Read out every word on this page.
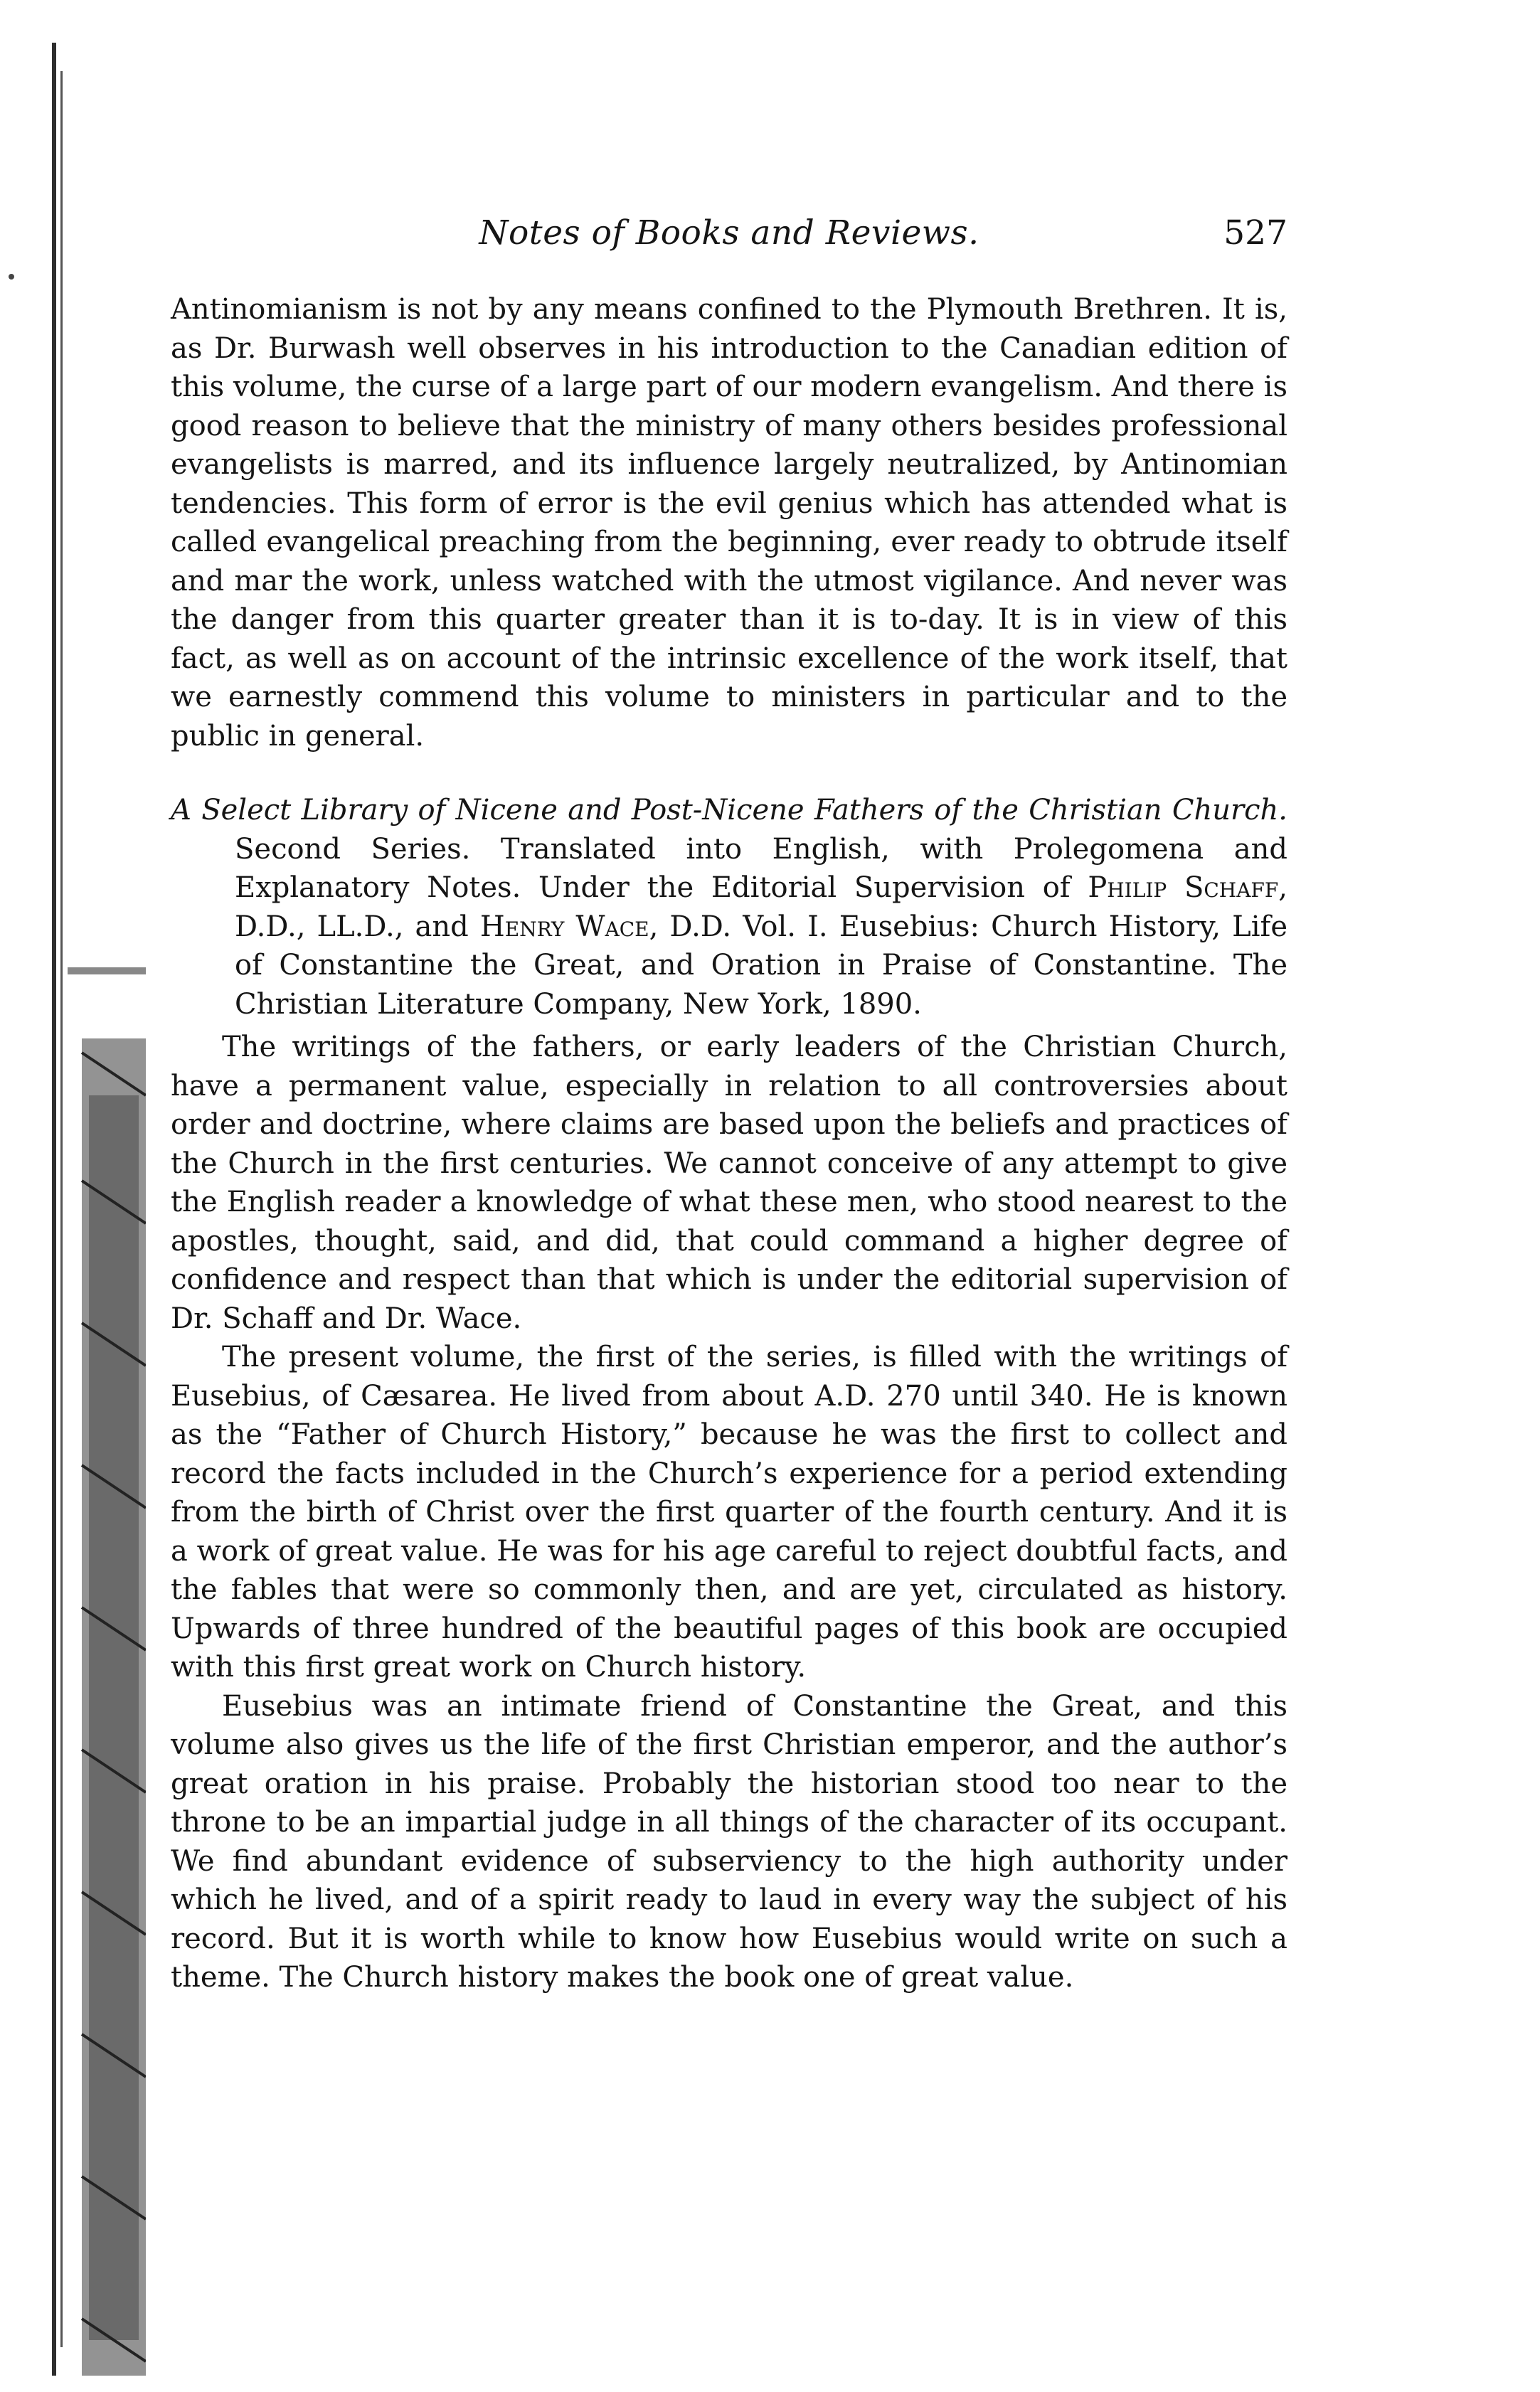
Notes of Books and Reviews.	527

Antinomianism is not by any means confined to the Plymouth Brethren. It is, as Dr. Burwash well observes in his introduction to the Canadian edition of this volume, the curse of a large part of our modern evangelism. And there is good reason to believe that the ministry of many others besides professional evangelists is marred, and its influence largely neutralized, by Antinomian tendencies. This form of error is the evil genius which has attended what is called evangelical preaching from the beginning, ever ready to obtrude itself and mar the work, unless watched with the utmost vigilance. And never was the danger from this quarter greater than it is to-day. It is in view of this fact, as well as on account of the intrinsic excellence of the work itself, that we earnestly commend this volume to ministers in particular and to the public in general.

A Select Library of Nicene and Post-Nicene Fathers of the Christian Church. Second Series. Translated into English, with Prolegomena and Explanatory Notes. Under the Editorial Supervision of Philip Schaff, D.D., LL.D., and Henry Wace, D.D. Vol. I. Eusebius: Church History, Life of Constantine the Great, and Oration in Praise of Constantine. The Christian Literature Company, New York, 1890.

The writings of the fathers, or early leaders of the Christian Church, have a permanent value, especially in relation to all controversies about order and doctrine, where claims are based upon the beliefs and practices of the Church in the first centuries. We cannot conceive of any attempt to give the English reader a knowledge of what these men, who stood nearest to the apostles, thought, said, and did, that could command a higher degree of confidence and respect than that which is under the editorial supervision of Dr. Schaff and Dr. Wace.

The present volume, the first of the series, is filled with the writings of Eusebius, of Cæsarea. He lived from about A.D. 270 until 340. He is known as the “Father of Church History,” because he was the first to collect and record the facts included in the Church’s experience for a period extending from the birth of Christ over the first quarter of the fourth century. And it is a work of great value. He was for his age careful to reject doubtful facts, and the fables that were so commonly then, and are yet, circulated as history. Upwards of three hundred of the beautiful pages of this book are occupied with this first great work on Church history.

Eusebius was an intimate friend of Constantine the Great, and this volume also gives us the life of the first Christian emperor, and the author’s great oration in his praise. Probably the historian stood too near to the throne to be an impartial judge in all things of the character of its occupant. We find abundant evidence of subserviency to the high authority under which he lived, and of a spirit ready to laud in every way the subject of his record. But it is worth while to know how Eusebius would write on such a theme. The Church history makes the book one of great value.
